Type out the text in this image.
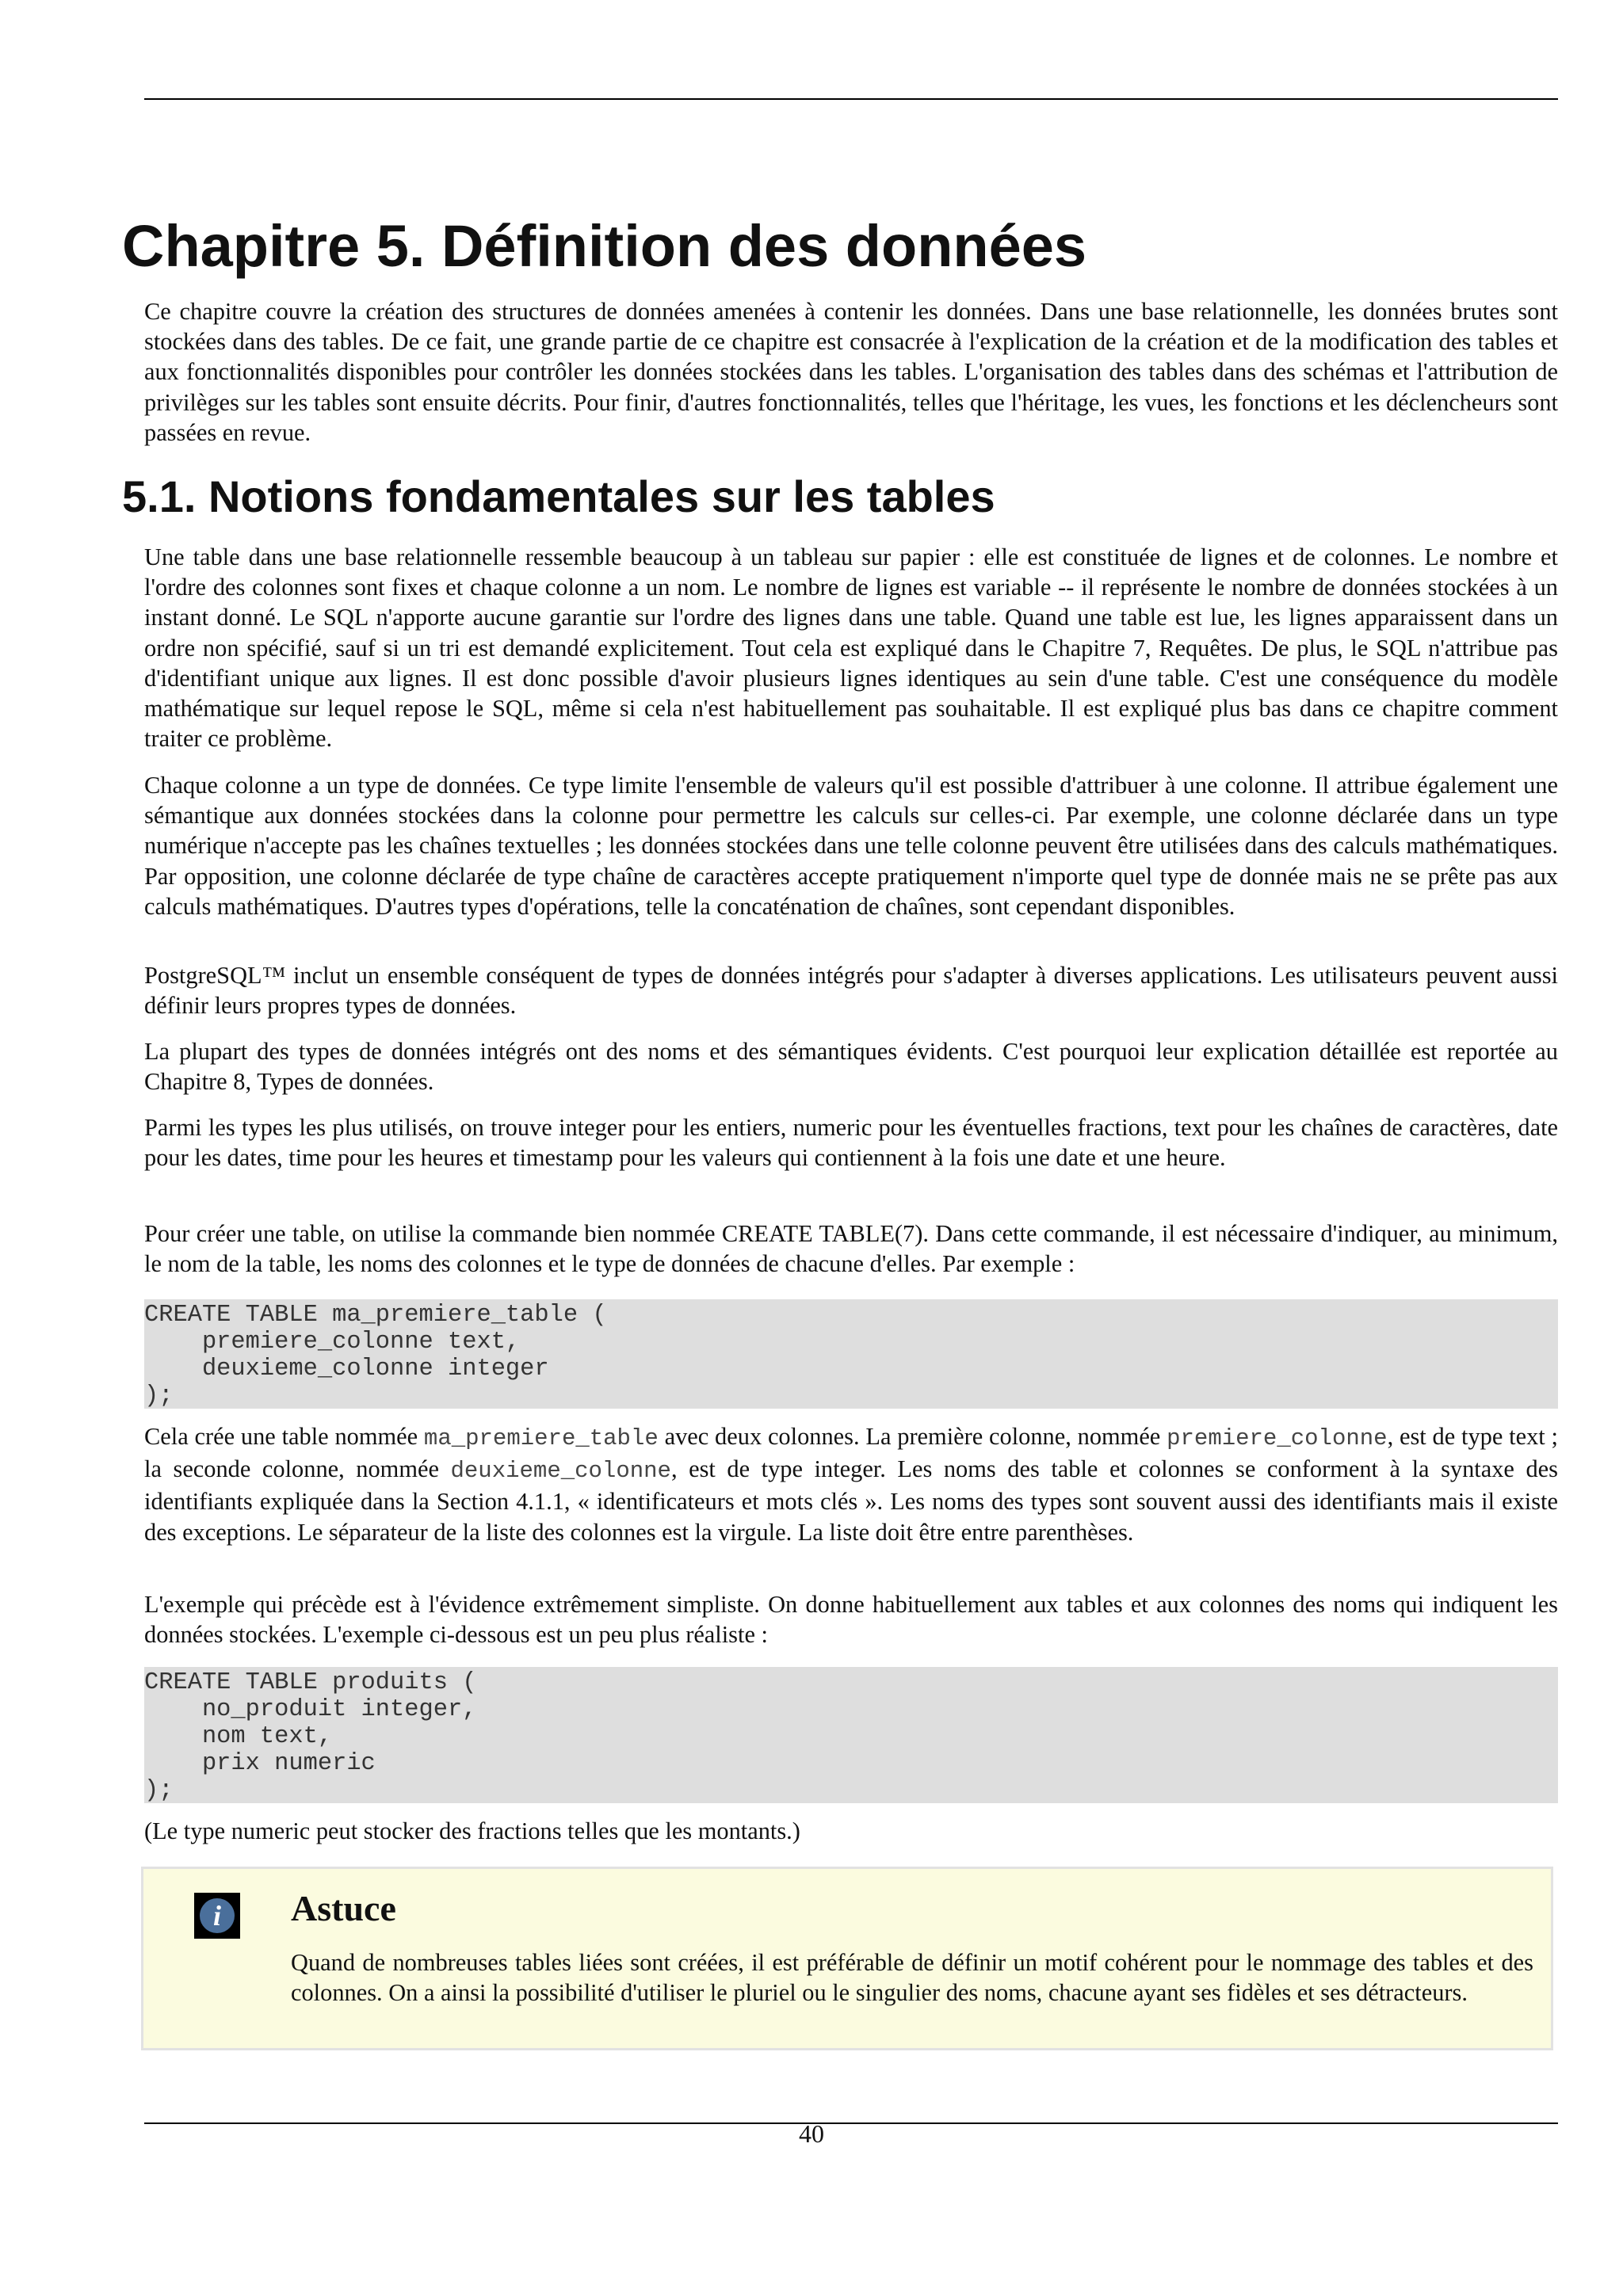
Chapitre 5. Définition des données

Ce chapitre couvre la création des structures de données amenées à contenir les données. Dans une base relationnelle, les données brutes sont stockées dans des tables. De ce fait, une grande partie de ce chapitre est consacrée à l'explication de la création et de la modification des tables et aux fonctionnalités disponibles pour contrôler les données stockées dans les tables. L'organisation des tables dans des schémas et l'attribution de privilèges sur les tables sont ensuite décrits. Pour finir, d'autres fonctionnalités, telles que l'héritage, les vues, les fonctions et les déclencheurs sont passées en revue.

5.1. Notions fondamentales sur les tables

Une table dans une base relationnelle ressemble beaucoup à un tableau sur papier : elle est constituée de lignes et de colonnes. Le nombre et l'ordre des colonnes sont fixes et chaque colonne a un nom. Le nombre de lignes est variable -- il représente le nombre de données stockées à un instant donné. Le SQL n'apporte aucune garantie sur l'ordre des lignes dans une table. Quand une table est lue, les lignes apparaissent dans un ordre non spécifié, sauf si un tri est demandé explicitement. Tout cela est expliqué dans le Chapitre 7, Requêtes. De plus, le SQL n'attribue pas d'identifiant unique aux lignes. Il est donc possible d'avoir plusieurs lignes identiques au sein d'une table. C'est une conséquence du modèle mathématique sur lequel repose le SQL, même si cela n'est habituellement pas souhaitable. Il est expliqué plus bas dans ce chapitre comment traiter ce problème.

Chaque colonne a un type de données. Ce type limite l'ensemble de valeurs qu'il est possible d'attribuer à une colonne. Il attribue également une sémantique aux données stockées dans la colonne pour permettre les calculs sur celles-ci. Par exemple, une colonne déclarée dans un type numérique n'accepte pas les chaînes textuelles ; les données stockées dans une telle colonne peuvent être utilisées dans des calculs mathématiques. Par opposition, une colonne déclarée de type chaîne de caractères accepte pratiquement n'importe quel type de donnée mais ne se prête pas aux calculs mathématiques. D'autres types d'opérations, telle la concaténation de chaînes, sont cependant disponibles.

PostgreSQL™ inclut un ensemble conséquent de types de données intégrés pour s'adapter à diverses applications. Les utilisateurs peuvent aussi définir leurs propres types de données.

La plupart des types de données intégrés ont des noms et des sémantiques évidents. C'est pourquoi leur explication détaillée est reportée au Chapitre 8, Types de données.

Parmi les types les plus utilisés, on trouve integer pour les entiers, numeric pour les éventuelles fractions, text pour les chaînes de caractères, date pour les dates, time pour les heures et timestamp pour les valeurs qui contiennent à la fois une date et une heure.

Pour créer une table, on utilise la commande bien nommée CREATE TABLE(7). Dans cette commande, il est nécessaire d'indiquer, au minimum, le nom de la table, les noms des colonnes et le type de données de chacune d'elles. Par exemple :

CREATE TABLE ma_premiere_table (
premiere_colonne text,
deuxieme_colonne integer
);

Cela crée une table nommée ma_premiere_table avec deux colonnes. La première colonne, nommée premiere_colonne, est de type text ; la seconde colonne, nommée deuxieme_colonne, est de type integer. Les noms des table et colonnes se conforment à la syntaxe des identifiants expliquée dans la Section 4.1.1, « identificateurs et mots clés ». Les noms des types sont souvent aussi des identifiants mais il existe des exceptions. Le séparateur de la liste des colonnes est la virgule. La liste doit être entre parenthèses.

L'exemple qui précède est à l'évidence extrêmement simpliste. On donne habituellement aux tables et aux colonnes des noms qui indiquent les données stockées. L'exemple ci-dessous est un peu plus réaliste :

CREATE TABLE produits (
no_produit integer,
nom text,
prix numeric
);

(Le type numeric peut stocker des fractions telles que les montants.)

i	Astuce

Quand de nombreuses tables liées sont créées, il est préférable de définir un motif cohérent pour le nommage des tables et des colonnes. On a ainsi la possibilité d'utiliser le pluriel ou le singulier des noms, chacune ayant ses fidèles et ses détracteurs.

40
